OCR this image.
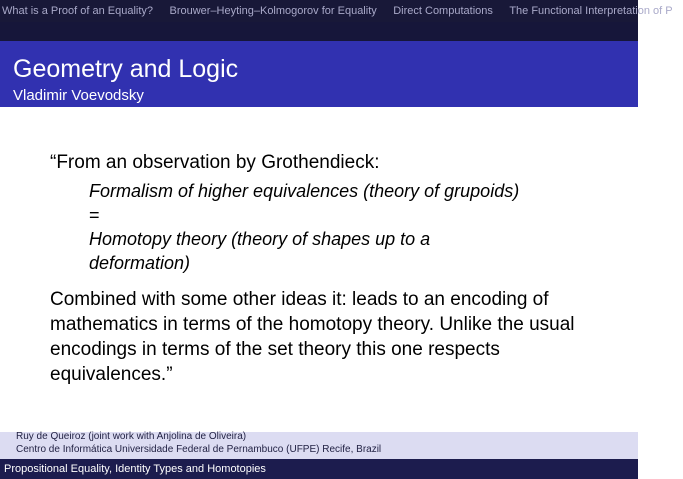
What is a Proof of an Equality? Brouwer–Heyting–Kolmogorov for Equality Direct Computations The Functional Interpretation of P
Geometry and Logic
Vladimir Voevodsky
“From an observation by Grothendieck:
Formalism of higher equivalences (theory of grupoids)
=
Homotopy theory (theory of shapes up to a deformation)
Combined with some other ideas it: leads to an encoding of mathematics in terms of the homotopy theory. Unlike the usual encodings in terms of the set theory this one respects equivalences.”
Ruy de Queiroz (joint work with Anjolina de Oliveira)
Centro de Informática Universidade Federal de Pernambuco (UFPE) Recife, Brazil
Propositional Equality, Identity Types and Homotopies
